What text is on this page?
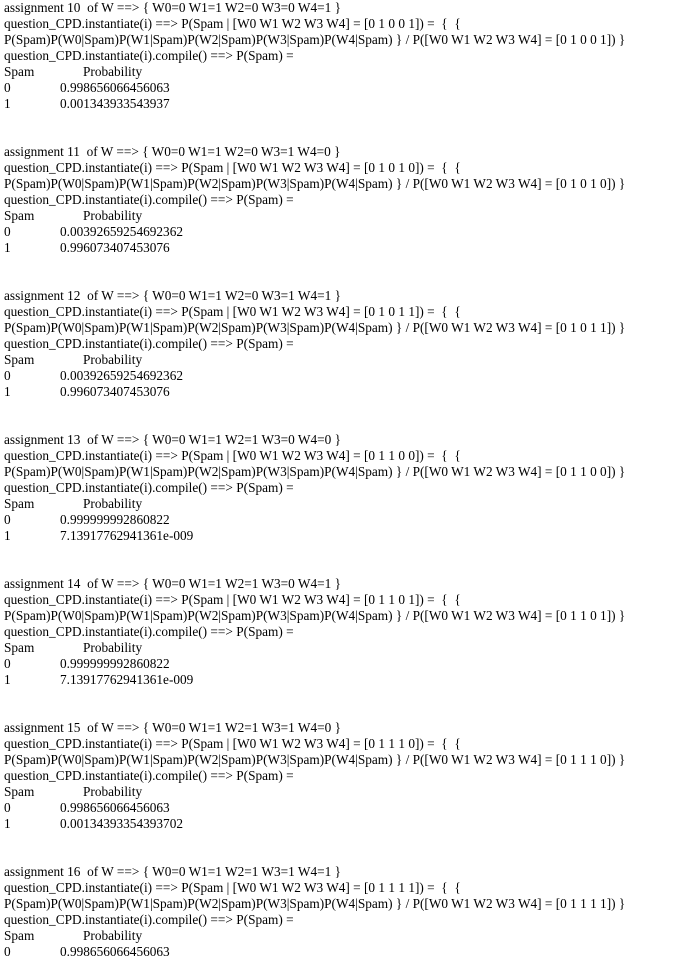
assignment 10  of W ==> { W0=0 W1=1 W2=0 W3=0 W4=1 }
question_CPD.instantiate(i) ==> P(Spam | [W0 W1 W2 W3 W4] = [0 1 0 0 1]) =  {  {
P(Spam)P(W0|Spam)P(W1|Spam)P(W2|Spam)P(W3|Spam)P(W4|Spam) } / P([W0 W1 W2 W3 W4] = [0 1 0 0 1]) }
question_CPD.instantiate(i).compile() ==> P(Spam) =
Spam	Probability
0	0.998656066456063
1	0.001343933543937
assignment 11  of W ==> { W0=0 W1=1 W2=0 W3=1 W4=0 }
question_CPD.instantiate(i) ==> P(Spam | [W0 W1 W2 W3 W4] = [0 1 0 1 0]) =  {  {
P(Spam)P(W0|Spam)P(W1|Spam)P(W2|Spam)P(W3|Spam)P(W4|Spam) } / P([W0 W1 W2 W3 W4] = [0 1 0 1 0]) }
question_CPD.instantiate(i).compile() ==> P(Spam) =
Spam	Probability
0	0.00392659254692362
1	0.996073407453076
assignment 12  of W ==> { W0=0 W1=1 W2=0 W3=1 W4=1 }
question_CPD.instantiate(i) ==> P(Spam | [W0 W1 W2 W3 W4] = [0 1 0 1 1]) =  {  {
P(Spam)P(W0|Spam)P(W1|Spam)P(W2|Spam)P(W3|Spam)P(W4|Spam) } / P([W0 W1 W2 W3 W4] = [0 1 0 1 1]) }
question_CPD.instantiate(i).compile() ==> P(Spam) =
Spam	Probability
0	0.00392659254692362
1	0.996073407453076
assignment 13  of W ==> { W0=0 W1=1 W2=1 W3=0 W4=0 }
question_CPD.instantiate(i) ==> P(Spam | [W0 W1 W2 W3 W4] = [0 1 1 0 0]) =  {  {
P(Spam)P(W0|Spam)P(W1|Spam)P(W2|Spam)P(W3|Spam)P(W4|Spam) } / P([W0 W1 W2 W3 W4] = [0 1 1 0 0]) }
question_CPD.instantiate(i).compile() ==> P(Spam) =
Spam	Probability
0	0.999999992860822
1	7.13917762941361e-009
assignment 14  of W ==> { W0=0 W1=1 W2=1 W3=0 W4=1 }
question_CPD.instantiate(i) ==> P(Spam | [W0 W1 W2 W3 W4] = [0 1 1 0 1]) =  {  {
P(Spam)P(W0|Spam)P(W1|Spam)P(W2|Spam)P(W3|Spam)P(W4|Spam) } / P([W0 W1 W2 W3 W4] = [0 1 1 0 1]) }
question_CPD.instantiate(i).compile() ==> P(Spam) =
Spam	Probability
0	0.999999992860822
1	7.13917762941361e-009
assignment 15  of W ==> { W0=0 W1=1 W2=1 W3=1 W4=0 }
question_CPD.instantiate(i) ==> P(Spam | [W0 W1 W2 W3 W4] = [0 1 1 1 0]) =  {  {
P(Spam)P(W0|Spam)P(W1|Spam)P(W2|Spam)P(W3|Spam)P(W4|Spam) } / P([W0 W1 W2 W3 W4] = [0 1 1 1 0]) }
question_CPD.instantiate(i).compile() ==> P(Spam) =
Spam	Probability
0	0.998656066456063
1	0.00134393354393702
assignment 16  of W ==> { W0=0 W1=1 W2=1 W3=1 W4=1 }
question_CPD.instantiate(i) ==> P(Spam | [W0 W1 W2 W3 W4] = [0 1 1 1 1]) =  {  {
P(Spam)P(W0|Spam)P(W1|Spam)P(W2|Spam)P(W3|Spam)P(W4|Spam) } / P([W0 W1 W2 W3 W4] = [0 1 1 1 1]) }
question_CPD.instantiate(i).compile() ==> P(Spam) =
Spam	Probability
0	0.998656066456063
